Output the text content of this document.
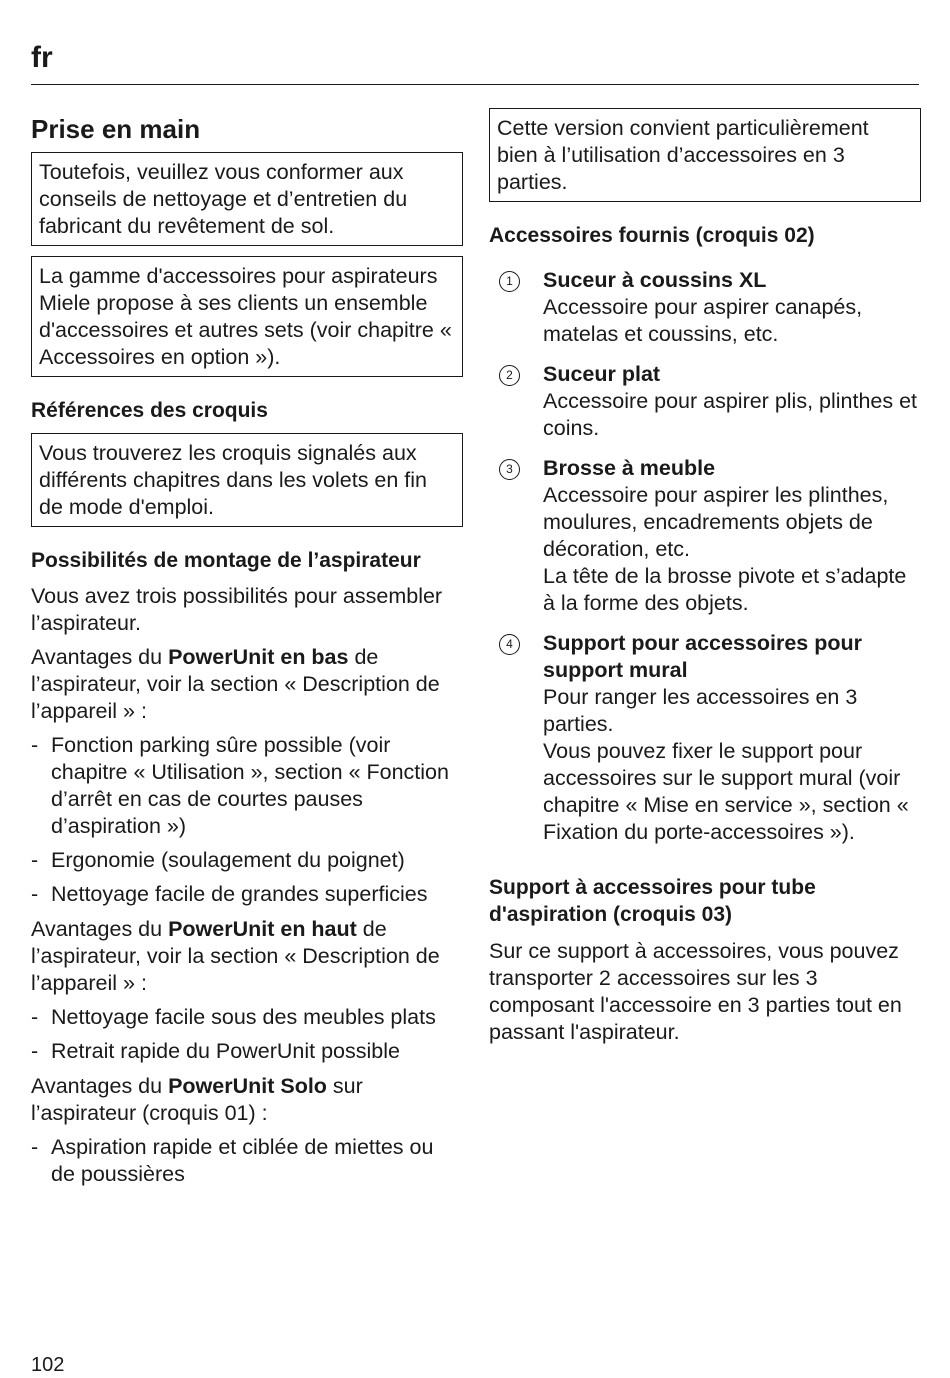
fr
Prise en main
Toutefois, veuillez vous conformer aux conseils de nettoyage et d’entretien du fabricant du revêtement de sol.
La gamme d'accessoires pour aspirateurs Miele propose à ses clients un ensemble d'accessoires et autres sets (voir chapitre « Accessoires en option »).
Références des croquis
Vous trouverez les croquis signalés aux différents chapitres dans les volets en fin de mode d'emploi.
Possibilités de montage de l’aspirateur

Vous avez trois possibilités pour assembler l’aspirateur.

Avantages du PowerUnit en bas de l’aspirateur, voir la section « Description de l’appareil » :

- Fonction parking sûre possible (voir chapitre « Utilisation », section « Fonction d’arrêt en cas de courtes pauses d’aspiration »)
- Ergonomie (soulagement du poignet)
- Nettoyage facile de grandes superficies

Avantages du PowerUnit en haut de l’aspirateur, voir la section « Description de l’appareil » :

- Nettoyage facile sous des meubles plats
- Retrait rapide du PowerUnit possible

Avantages du PowerUnit Solo sur l’aspirateur (croquis 01) :

- Aspiration rapide et ciblée de miettes ou de poussières
Cette version convient particulièrement bien à l’utilisation d’accessoires en 3 parties.
Accessoires fournis (croquis 02)
1	Suceur à coussins XL
Accessoire pour aspirer canapés, matelas et coussins, etc.
2	Suceur plat
Accessoire pour aspirer plis, plinthes et coins.
3	Brosse à meuble
Accessoire pour aspirer les plinthes, moulures, encadrements objets de décoration, etc.
La tête de la brosse pivote et s’adapte à la forme des objets.
4	Support pour accessoires pour support mural
Pour ranger les accessoires en 3 parties.
Vous pouvez fixer le support pour accessoires sur le support mural (voir chapitre « Mise en service », section « Fixation du porte-accessoires »).
Support à accessoires pour tube d'aspiration (croquis 03)

Sur ce support à accessoires, vous pouvez transporter 2 accessoires sur les 3 composant l'accessoire en 3 parties tout en passant l'aspirateur.

102
